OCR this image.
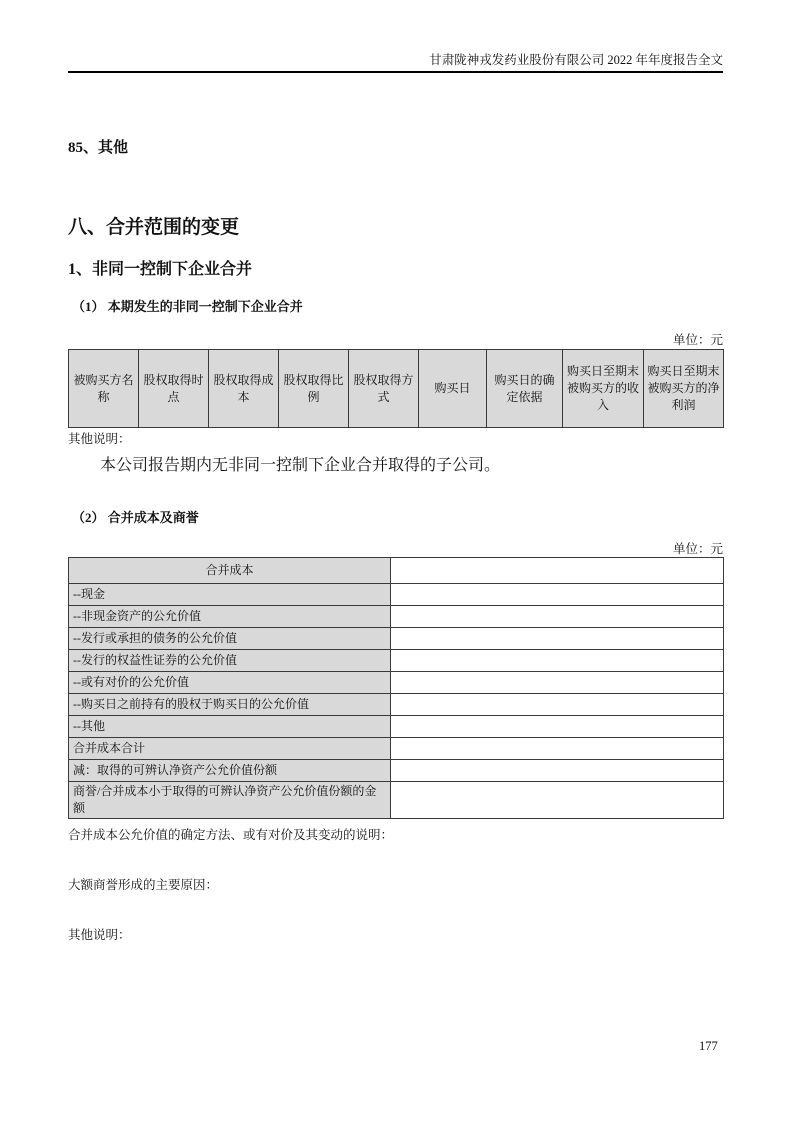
甘肃陇神戎发药业股份有限公司 2022 年年度报告全文
85、其他
八、合并范围的变更
1、非同一控制下企业合并
（1） 本期发生的非同一控制下企业合并
单位：元
被购买方名称	股权取得时点	股权取得成本	股权取得比例	股权取得方式	购买日	购买日的确定依据	购买日至期末被购买方的收入	购买日至期末被购买方的净利润
其他说明：
本公司报告期内无非同一控制下企业合并取得的子公司。
（2） 合并成本及商誉
单位：元
合并成本	
--现金	
--非现金资产的公允价值	
--发行或承担的债务的公允价值	
--发行的权益性证券的公允价值	
--或有对价的公允价值	
--购买日之前持有的股权于购买日的公允价值	
--其他	
合并成本合计	
减：取得的可辨认净资产公允价值份额	
商誉/合并成本小于取得的可辨认净资产公允价值份额的金额	
合并成本公允价值的确定方法、或有对价及其变动的说明：
大额商誉形成的主要原因：
其他说明：
177
